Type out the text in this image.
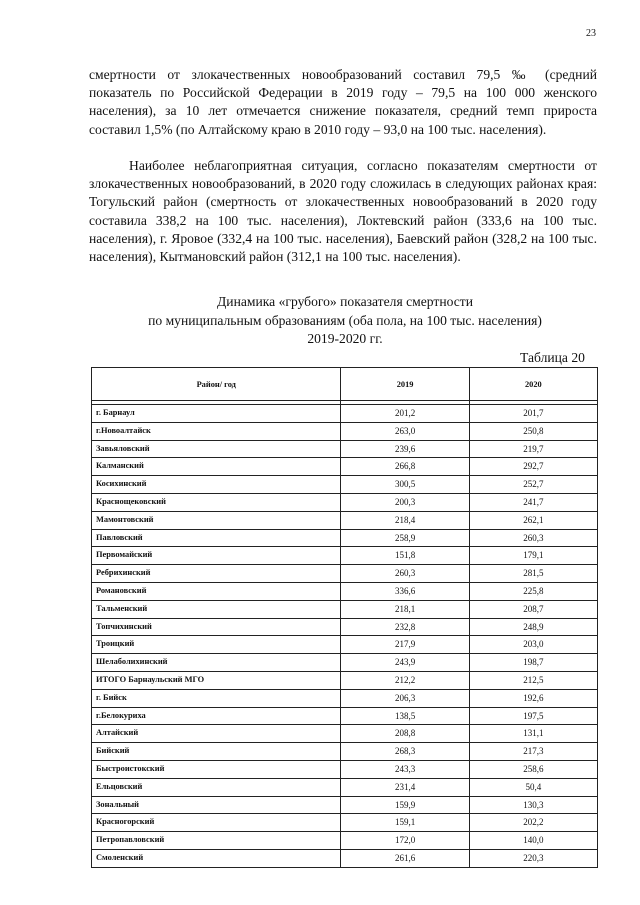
23

смертности от злокачественных новообразований составил 79,5 ‰ (средний показатель по Российской Федерации в 2019 году – 79,5 на 100 000 женского населения), за 10 лет отмечается снижение показателя, средний темп прироста составил 1,5% (по Алтайскому краю в 2010 году – 93,0 на 100 тыс. населения).

Наиболее неблагоприятная ситуация, согласно показателям смертности от злокачественных новообразований, в 2020 году сложилась в следующих районах края: Тогульский район (смертность от злокачественных новообразований в 2020 году составила 338,2 на 100 тыс. населения), Локтевский район (333,6 на 100 тыс. населения), г. Яровое (332,4 на 100 тыс. населения), Баевский район (328,2 на 100 тыс. населения), Кытмановский район (312,1 на 100 тыс. населения).

Динамика «грубого» показателя смертности
по муниципальным образованиям (оба пола, на 100 тыс. населения)
2019-2020 гг.
Таблица 20
Район/ год	2019	2020

г. Барнаул	201,2	201,7
г.Новоалтайск	263,0	250,8
Завьяловский	239,6	219,7
Калманский	266,8	292,7
Косихинский	300,5	252,7
Краснощековский	200,3	241,7
Мамонтовский	218,4	262,1
Павловский	258,9	260,3
Первомайский	151,8	179,1
Ребрихинский	260,3	281,5
Романовский	336,6	225,8
Тальменский	218,1	208,7
Топчихинский	232,8	248,9
Троицкий	217,9	203,0
Шелаболихинский	243,9	198,7
ИТОГО Барнаульский МГО	212,2	212,5
г. Бийск	206,3	192,6
г.Белокуриха	138,5	197,5
Алтайский	208,8	131,1
Бийский	268,3	217,3
Быстроистокский	243,3	258,6
Ельцовский	231,4	50,4
Зональный	159,9	130,3
Красногорский	159,1	202,2
Петропавловский	172,0	140,0
Смоленский	261,6	220,3
